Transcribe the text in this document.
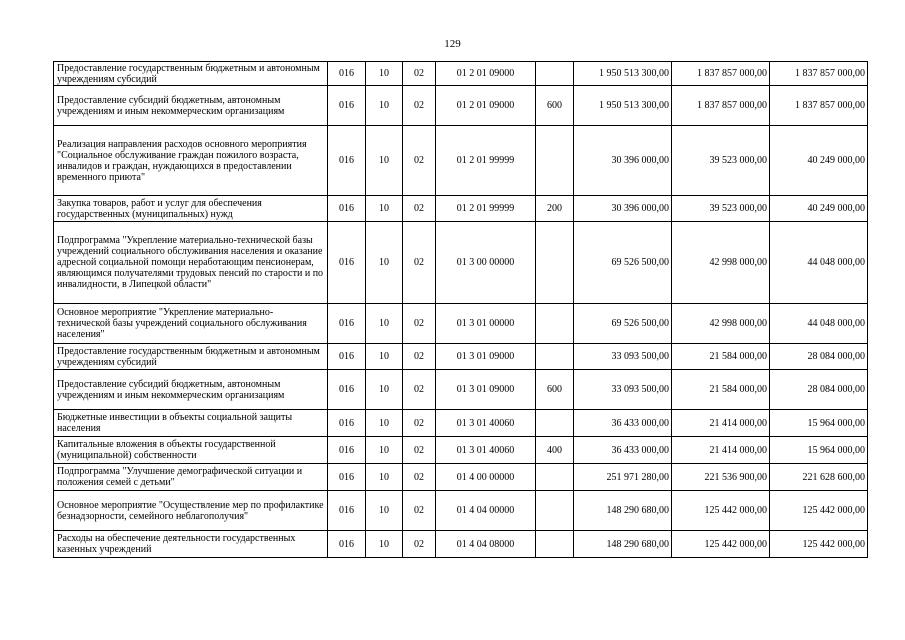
129
Предоставление государственным бюджетным и автономным учреждениям субсидий	016	10	02	01 2 01 09000		1 950 513 300,00	1 837 857 000,00	1 837 857 000,00
Предоставление субсидий бюджетным, автономным учреждениям и иным некоммерческим организациям	016	10	02	01 2 01 09000	600	1 950 513 300,00	1 837 857 000,00	1 837 857 000,00
Реализация направления расходов основного мероприятия "Социальное обслуживание граждан пожилого возраста, инвалидов и граждан, нуждающихся в предоставлении временного приюта"	016	10	02	01 2 01 99999		30 396 000,00	39 523 000,00	40 249 000,00
Закупка товаров, работ и услуг для обеспечения государственных (муниципальных) нужд	016	10	02	01 2 01 99999	200	30 396 000,00	39 523 000,00	40 249 000,00
Подпрограмма "Укрепление материально-технической базы учреждений социального обслуживания населения и оказание адресной социальной помощи неработающим пенсионерам, являющимся получателями трудовых пенсий по старости и по инвалидности, в Липецкой области"	016	10	02	01 3 00 00000		69 526 500,00	42 998 000,00	44 048 000,00
Основное мероприятие "Укрепление материально-технической базы учреждений социального обслуживания населения"	016	10	02	01 3 01 00000		69 526 500,00	42 998 000,00	44 048 000,00
Предоставление государственным бюджетным и автономным учреждениям субсидий	016	10	02	01 3 01 09000		33 093 500,00	21 584 000,00	28 084 000,00
Предоставление субсидий бюджетным, автономным учреждениям и иным некоммерческим организациям	016	10	02	01 3 01 09000	600	33 093 500,00	21 584 000,00	28 084 000,00
Бюджетные инвестиции в объекты социальной защиты населения	016	10	02	01 3 01 40060		36 433 000,00	21 414 000,00	15 964 000,00
Капитальные вложения в объекты государственной (муниципальной) собственности	016	10	02	01 3 01 40060	400	36 433 000,00	21 414 000,00	15 964 000,00
Подпрограмма "Улучшение демографической ситуации и положения семей с детьми"	016	10	02	01 4 00 00000		251 971 280,00	221 536 900,00	221 628 600,00
Основное мероприятие "Осуществление мер по профилактике безнадзорности, семейного неблагополучия"	016	10	02	01 4 04 00000		148 290 680,00	125 442 000,00	125 442 000,00
Расходы на обеспечение деятельности государственных казенных учреждений	016	10	02	01 4 04 08000		148 290 680,00	125 442 000,00	125 442 000,00
